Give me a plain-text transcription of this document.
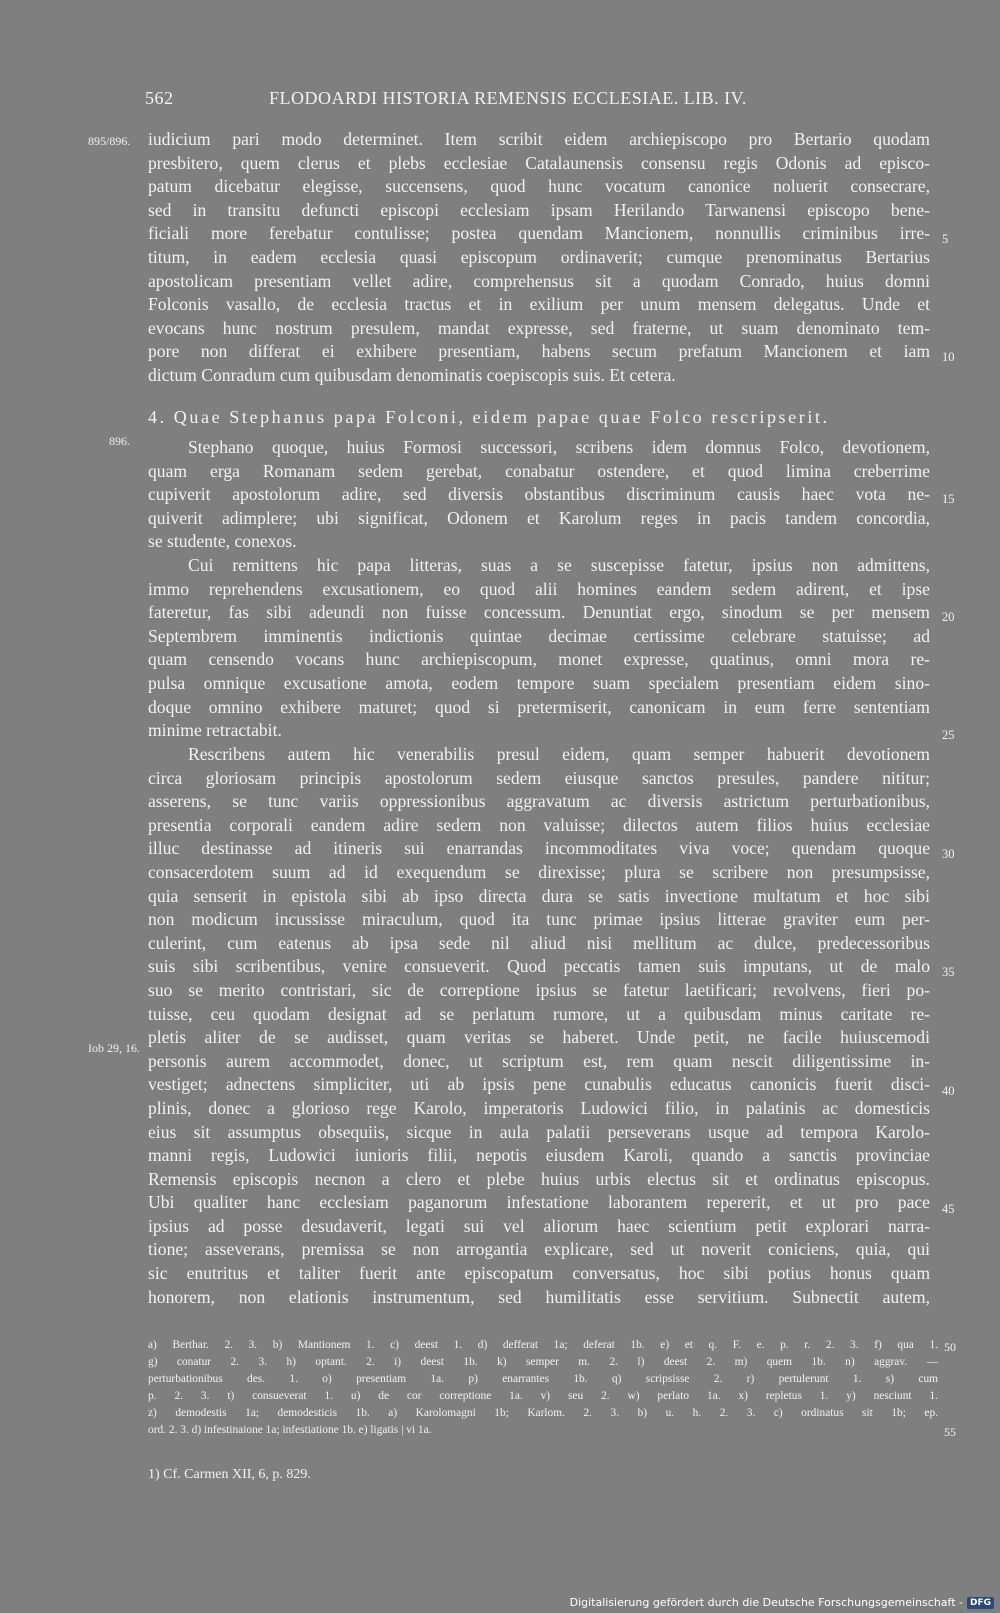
562	FLODOARDI HISTORIA REMENSIS ECCLESIAE. LIB. IV.
895/896.
896.
Iob 29, 16.
iudicium pari modo determinet. Item scribit eidem archiepiscopo pro Bertario quodam
presbitero, quem clerus et plebs ecclesiae Catalaunensis consensu regis Odonis ad episco-
patum dicebatur elegisse, succensens, quod hunc vocatum canonice noluerit consecrare,
sed in transitu defuncti episcopi ecclesiam ipsam Herilando Tarwanensi episcopo bene-
ficiali more ferebatur contulisse; postea quendam Mancionem, nonnullis criminibus irre-
titum, in eadem ecclesia quasi episcopum ordinaverit; cumque prenominatus Bertarius
apostolicam presentiam vellet adire, comprehensus sit a quodam Conrado, huius domni
Folconis vasallo, de ecclesia tractus et in exilium per unum mensem delegatus. Unde et
evocans hunc nostrum presulem, mandat expresse, sed fraterne, ut suam denominato tem-
pore non differat ei exhibere presentiam, habens secum prefatum Mancionem et iam
dictum Conradum cum quibusdam denominatis coepiscopis suis. Et cetera.
4. Quae Stephanus papa Folconi, eidem papae quae Folco rescripserit.
Stephano quoque, huius Formosi successori, scribens idem domnus Folco, devotionem,
quam erga Romanam sedem gerebat, conabatur ostendere, et quod limina creberrime
cupiverit apostolorum adire, sed diversis obstantibus discriminum causis haec vota ne-
quiverit adimplere; ubi significat, Odonem et Karolum reges in pacis tandem concordia,
se studente, conexos.
Cui remittens hic papa litteras, suas a se suscepisse fatetur, ipsius non admittens,
immo reprehendens excusationem, eo quod alii homines eandem sedem adirent, et ipse
fateretur, fas sibi adeundi non fuisse concessum. Denuntiat ergo, sinodum se per mensem
Septembrem imminentis indictionis quintae decimae certissime celebrare statuisse; ad
quam censendo vocans hunc archiepiscopum, monet expresse, quatinus, omni mora re-
pulsa omnique excusatione amota, eodem tempore suam specialem presentiam eidem sino-
doque omnino exhibere maturet; quod si pretermiserit, canonicam in eum ferre sententiam
minime retractabit.
Rescribens autem hic venerabilis presul eidem, quam semper habuerit devotionem
circa gloriosam principis apostolorum sedem eiusque sanctos presules, pandere nititur;
asserens, se tunc variis oppressionibus aggravatum ac diversis astrictum perturbationibus,
presentia corporali eandem adire sedem non valuisse; dilectos autem filios huius ecclesiae
illuc destinasse ad itineris sui enarrandas incommoditates viva voce; quendam quoque
consacerdotem suum ad id exequendum se direxisse; plura se scribere non presumpsisse,
quia senserit in epistola sibi ab ipso directa dura se satis invectione multatum et hoc sibi
non modicum incussisse miraculum, quod ita tunc primae ipsius litterae graviter eum per-
culerint, cum eatenus ab ipsa sede nil aliud nisi mellitum ac dulce, predecessoribus
suis sibi scribentibus, venire consueverit. Quod peccatis tamen suis imputans, ut de malo
suo se merito contristari, sic de correptione ipsius se fatetur laetificari; revolvens, fieri po-
tuisse, ceu quodam designat ad se perlatum rumore, ut a quibusdam minus caritate re-
pletis aliter de se audisset, quam veritas se haberet. Unde petit, ne facile huiuscemodi
personis aurem accommodet, donec, ut scriptum est, rem quam nescit diligentissime in-
vestiget; adnectens simpliciter, uti ab ipsis pene cunabulis educatus canonicis fuerit disci-
plinis, donec a glorioso rege Karolo, imperatoris Ludowici filio, in palatinis ac domesticis
eius sit assumptus obsequiis, sicque in aula palatii perseverans usque ad tempora Karolo-
manni regis, Ludowici iunioris filii, nepotis eiusdem Karoli, quando a sanctis provinciae
Remensis episcopis necnon a clero et plebe huius urbis electus sit et ordinatus episcopus.
Ubi qualiter hanc ecclesiam paganorum infestatione laborantem repererit, et ut pro pace
ipsius ad posse desudaverit, legati sui vel aliorum haec scientium petit explorari narra-
tione; asseverans, premissa se non arrogantia explicare, sed ut noverit coniciens, quia, qui
sic enutritus et taliter fuerit ante episcopatum conversatus, hoc sibi potius honus quam
honorem, non elationis instrumentum, sed humilitatis esse servitium. Subnectit autem,
5
10
15
20
25
30
35
40
45
a) Berthar. 2. 3. b) Mantionem 1. c) deest 1. d) defferat 1a; deferat 1b. e) et q. F. e. p. r. 2. 3. f) qua 1.
g) conatur 2. 3. h) optant. 2. i) deest 1b. k) semper m. 2. l) deest 2. m) quem 1b. n) aggrav. —
perturbationibus des. 1. o) presentiam 1a. p) enarrantes 1b. q) scripsisse 2. r) pertulerunt 1. s) cum
p. 2. 3. t) consueverat 1. u) de cor correptione 1a. v) seu 2. w) perlato 1a. x) repletus 1. y) nesciunt 1.
z) demodestis 1a; demodesticis 1b. a) Karolomagni 1b; Karlom. 2. 3. b) u. h. 2. 3. c) ordinatus sit 1b; ep.
ord. 2. 3. d) infestinaione 1a; infestiatione 1b. e) ligatis | vi 1a.
50
55
1) Cf. Carmen XII, 6, p. 829.
Digitalisierung gefördert durch die Deutsche Forschungsgemeinschaft - DFG
